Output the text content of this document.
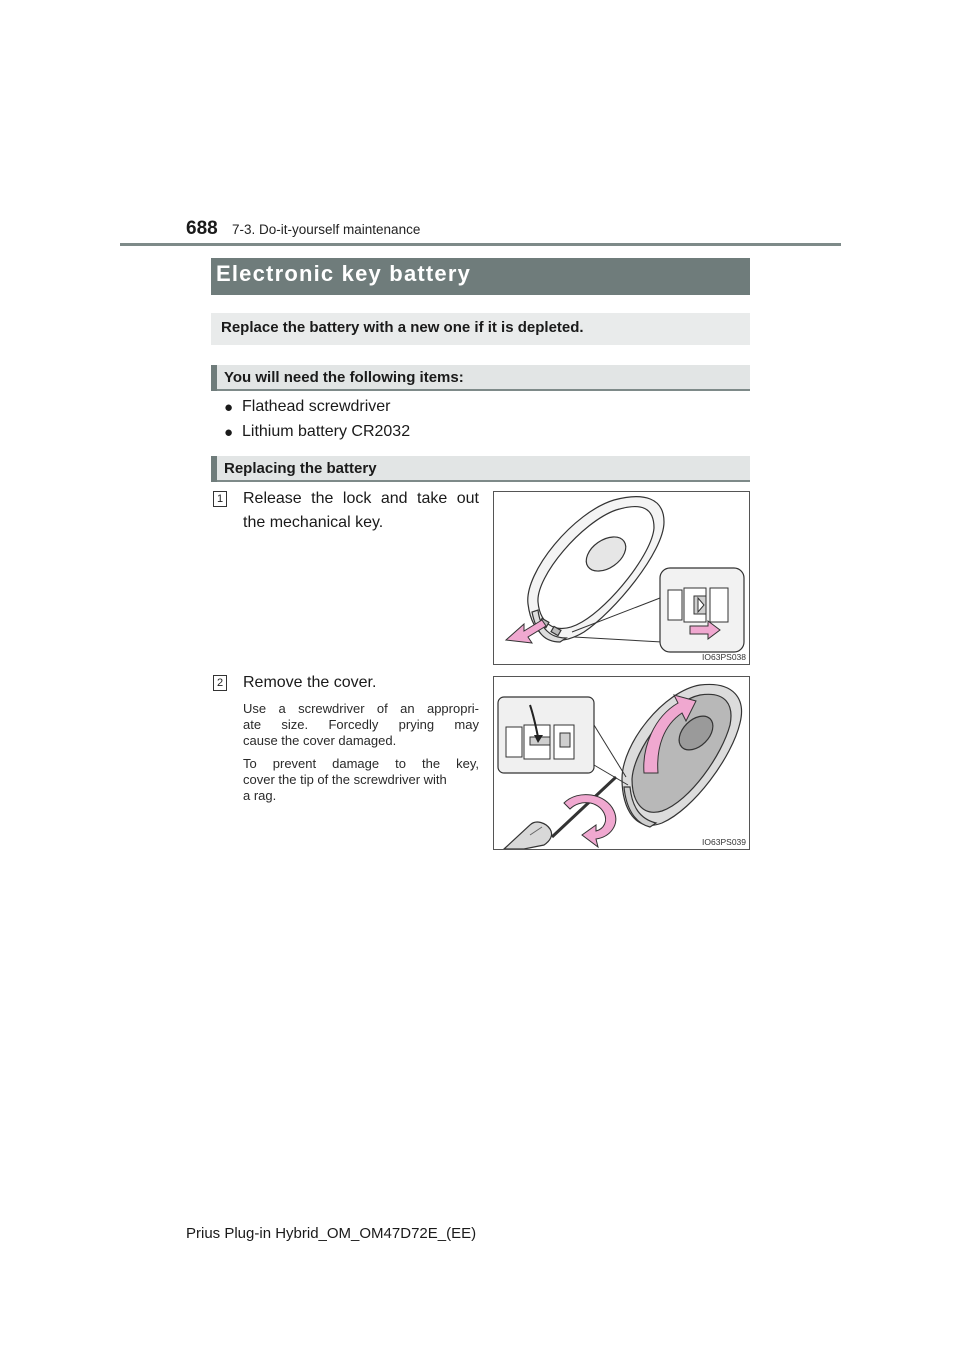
688 7-3. Do-it-yourself maintenance
Electronic key battery
Replace the battery with a new one if it is depleted.
You will need the following items:
● Flathead screwdriver
● Lithium battery CR2032
Replacing the battery
1 Release the lock and take out
the mechanical key.
IO63PS038
2 Remove the cover.
Use a screwdriver of an appropri-
ate size. Forcedly prying may
cause the cover damaged.
To prevent damage to the key,
cover the tip of the screwdriver with
a rag.
IO63PS039
Prius Plug-in Hybrid_OM_OM47D72E_(EE)
